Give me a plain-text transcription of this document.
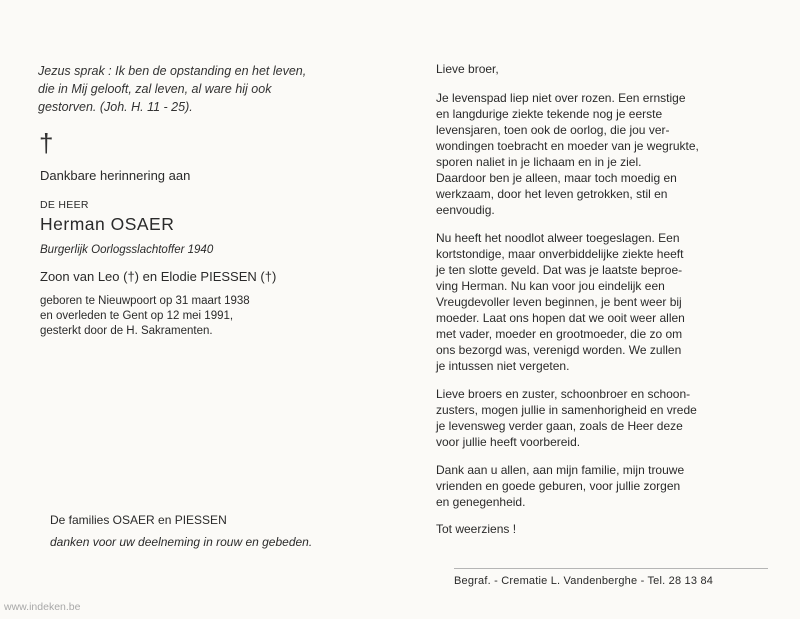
Jezus sprak : Ik ben de opstanding en het leven,
die in Mij gelooft, zal leven, al ware hij ook
gestorven. (Joh. H. 11 - 25).

†
Dankbare herinnering aan
DE HEER
Herman OSAER
Burgerlijk Oorlogsslachtoffer 1940
Zoon van Leo (†) en Elodie PIESSEN (†)
geboren te Nieuwpoort op 31 maart 1938
en overleden te Gent op 12 mei 1991,
gesterkt door de H. Sakramenten.
De families OSAER en PIESSEN
danken voor uw deelneming in rouw en gebeden.

Lieve broer,

Je levenspad liep niet over rozen. Een ernstige
en langdurige ziekte tekende nog je eerste
levensjaren, toen ook de oorlog, die jou ver-
wondingen toebracht en moeder van je wegrukte,
sporen naliet in je lichaam en in je ziel.
Daardoor ben je alleen, maar toch moedig en
werkzaam, door het leven getrokken, stil en
eenvoudig.

Nu heeft het noodlot alweer toegeslagen. Een
kortstondige, maar onverbiddelijke ziekte heeft
je ten slotte geveld. Dat was je laatste beproe-
ving Herman. Nu kan voor jou eindelijk een
Vreugdevoller leven beginnen, je bent weer bij
moeder. Laat ons hopen dat we ooit weer allen
met vader, moeder en grootmoeder, die zo om
ons bezorgd was, verenigd worden. We zullen
je intussen niet vergeten.

Lieve broers en zuster, schoonbroer en schoon-
zusters, mogen jullie in samenhorigheid en vrede
je levensweg verder gaan, zoals de Heer deze
voor jullie heeft voorbereid.

Dank aan u allen, aan mijn familie, mijn trouwe
vrienden en goede geburen, voor jullie zorgen
en genegenheid.

Tot weerziens !

Begraf. - Crematie L. Vandenberghe - Tel. 28 13 84
www.indeken.be
